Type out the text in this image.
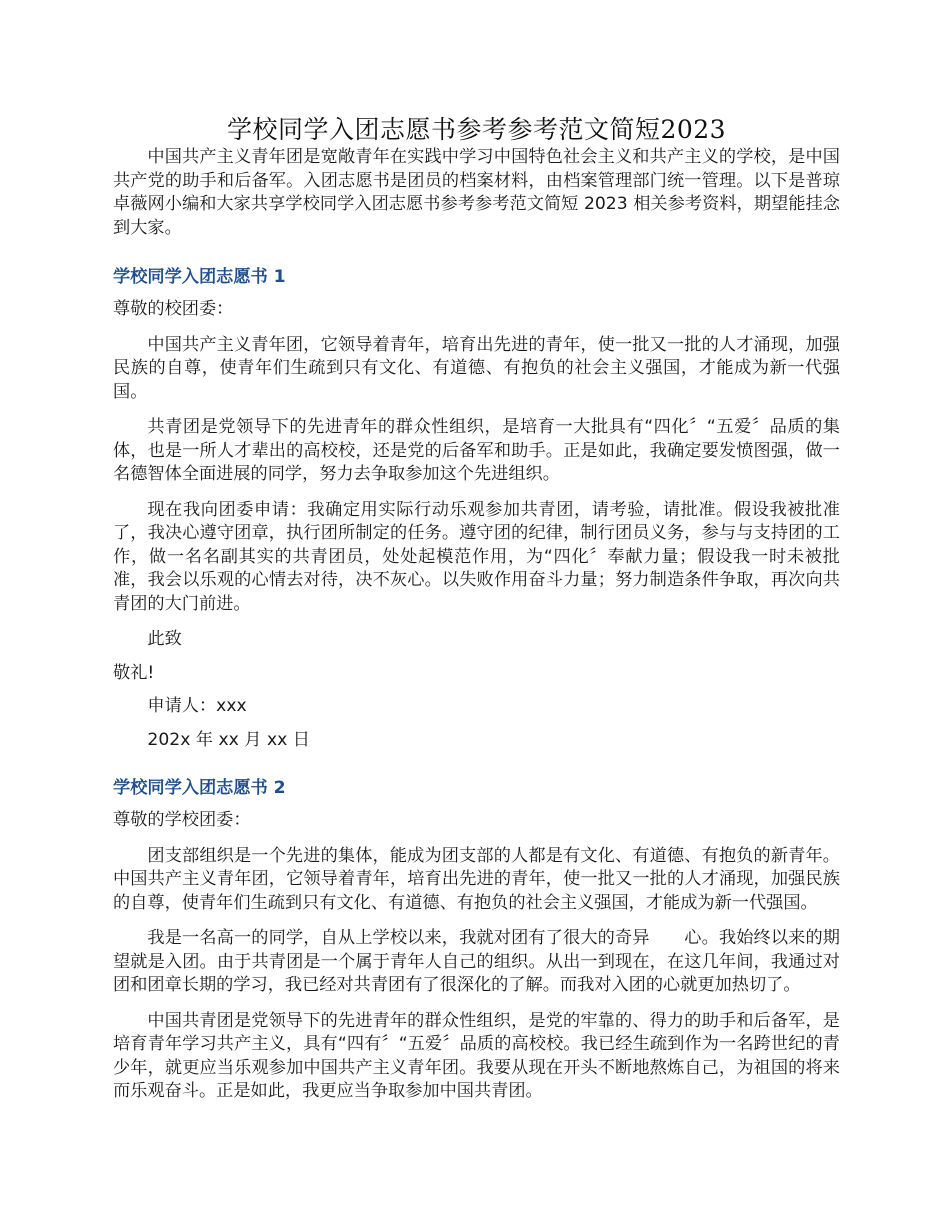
学校同学入团志愿书参考参考范文简短2023

中国共产主义青年团是宽敞青年在实践中学习中国特色社会主义和共产主义的学校，是中国共产党的助手和后备军。入团志愿书是团员的档案材料，由档案管理部门统一管理。以下是普琼卓薇网小编和大家共享学校同学入团志愿书参考参考范文简短 2023 相关参考资料，期望能挂念到大家。

学校同学入团志愿书 1

尊敬的校团委：

中国共产主义青年团，它领导着青年，培育出先进的青年，使一批又一批的人才涌现，加强民族的自尊，使青年们生疏到只有文化、有道德、有抱负的社会主义强国，才能成为新一代强国。

共青团是党领导下的先进青年的群众性组织，是培育一大批具有“四化〞“五爱〞品质的集体，也是一所人才辈出的高校校，还是党的后备军和助手。正是如此，我确定要发愤图强，做一名德智体全面进展的同学，努力去争取参加这个先进组织。

现在我向团委申请：我确定用实际行动乐观参加共青团，请考验，请批准。假设我被批准了，我决心遵守团章，执行团所制定的任务。遵守团的纪律，制行团员义务，参与与支持团的工作，做一名名副其实的共青团员，处处起模范作用，为“四化〞奉献力量；假设我一时未被批准，我会以乐观的心情去对待，决不灰心。以失败作用奋斗力量；努力制造条件争取，再次向共青团的大门前进。

此致

敬礼!

申请人：xxx

202x 年 xx 月 xx 日

学校同学入团志愿书 2

尊敬的学校团委：

团支部组织是一个先进的集体，能成为团支部的人都是有文化、有道德、有抱负的新青年。中国共产主义青年团，它领导着青年，培育出先进的青年，使一批又一批的人才涌现，加强民族的自尊，使青年们生疏到只有文化、有道德、有抱负的社会主义强国，才能成为新一代强国。

我是一名高一的同学，自从上学校以来，我就对团有了很大的奇异　　心。我始终以来的期望就是入团。由于共青团是一个属于青年人自己的组织。从出一到现在，在这几年间，我通过对团和团章长期的学习，我已经对共青团有了很深化的了解。而我对入团的心就更加热切了。

中国共青团是党领导下的先进青年的群众性组织，是党的牢靠的、得力的助手和后备军，是培育青年学习共产主义，具有“四有〞“五爱〞品质的高校校。我已经生疏到作为一名跨世纪的青少年，就更应当乐观参加中国共产主义青年团。我要从现在开头不断地熬炼自己，为祖国的将来而乐观奋斗。正是如此，我更应当争取参加中国共青团。
